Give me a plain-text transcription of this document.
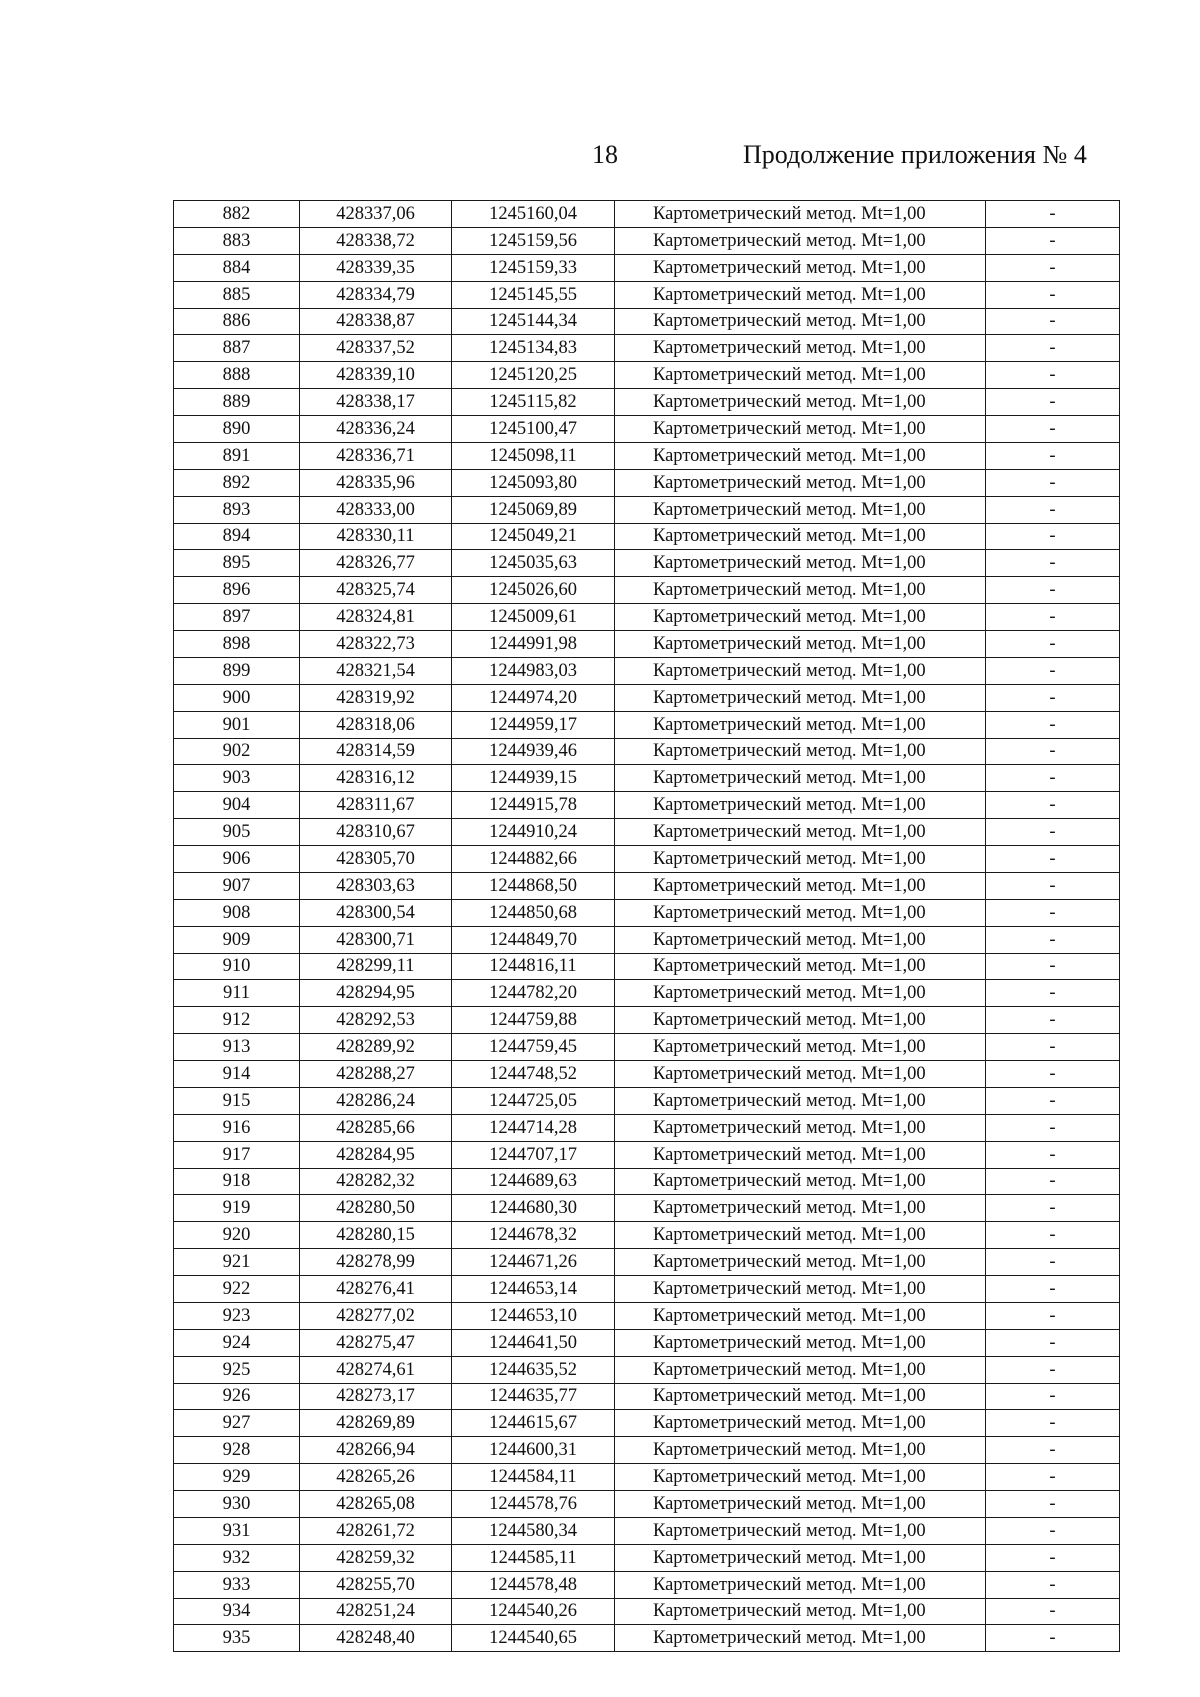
18	Продолжение приложения № 4
882	428337,06	1245160,04	Картометрический метод. Mt=1,00	-
883	428338,72	1245159,56	Картометрический метод. Mt=1,00	-
884	428339,35	1245159,33	Картометрический метод. Mt=1,00	-
885	428334,79	1245145,55	Картометрический метод. Mt=1,00	-
886	428338,87	1245144,34	Картометрический метод. Mt=1,00	-
887	428337,52	1245134,83	Картометрический метод. Mt=1,00	-
888	428339,10	1245120,25	Картометрический метод. Mt=1,00	-
889	428338,17	1245115,82	Картометрический метод. Mt=1,00	-
890	428336,24	1245100,47	Картометрический метод. Mt=1,00	-
891	428336,71	1245098,11	Картометрический метод. Mt=1,00	-
892	428335,96	1245093,80	Картометрический метод. Mt=1,00	-
893	428333,00	1245069,89	Картометрический метод. Mt=1,00	-
894	428330,11	1245049,21	Картометрический метод. Mt=1,00	-
895	428326,77	1245035,63	Картометрический метод. Mt=1,00	-
896	428325,74	1245026,60	Картометрический метод. Mt=1,00	-
897	428324,81	1245009,61	Картометрический метод. Mt=1,00	-
898	428322,73	1244991,98	Картометрический метод. Mt=1,00	-
899	428321,54	1244983,03	Картометрический метод. Mt=1,00	-
900	428319,92	1244974,20	Картометрический метод. Mt=1,00	-
901	428318,06	1244959,17	Картометрический метод. Mt=1,00	-
902	428314,59	1244939,46	Картометрический метод. Mt=1,00	-
903	428316,12	1244939,15	Картометрический метод. Mt=1,00	-
904	428311,67	1244915,78	Картометрический метод. Mt=1,00	-
905	428310,67	1244910,24	Картометрический метод. Mt=1,00	-
906	428305,70	1244882,66	Картометрический метод. Mt=1,00	-
907	428303,63	1244868,50	Картометрический метод. Mt=1,00	-
908	428300,54	1244850,68	Картометрический метод. Mt=1,00	-
909	428300,71	1244849,70	Картометрический метод. Mt=1,00	-
910	428299,11	1244816,11	Картометрический метод. Mt=1,00	-
911	428294,95	1244782,20	Картометрический метод. Mt=1,00	-
912	428292,53	1244759,88	Картометрический метод. Mt=1,00	-
913	428289,92	1244759,45	Картометрический метод. Mt=1,00	-
914	428288,27	1244748,52	Картометрический метод. Mt=1,00	-
915	428286,24	1244725,05	Картометрический метод. Mt=1,00	-
916	428285,66	1244714,28	Картометрический метод. Mt=1,00	-
917	428284,95	1244707,17	Картометрический метод. Mt=1,00	-
918	428282,32	1244689,63	Картометрический метод. Mt=1,00	-
919	428280,50	1244680,30	Картометрический метод. Mt=1,00	-
920	428280,15	1244678,32	Картометрический метод. Mt=1,00	-
921	428278,99	1244671,26	Картометрический метод. Mt=1,00	-
922	428276,41	1244653,14	Картометрический метод. Mt=1,00	-
923	428277,02	1244653,10	Картометрический метод. Mt=1,00	-
924	428275,47	1244641,50	Картометрический метод. Mt=1,00	-
925	428274,61	1244635,52	Картометрический метод. Mt=1,00	-
926	428273,17	1244635,77	Картометрический метод. Mt=1,00	-
927	428269,89	1244615,67	Картометрический метод. Mt=1,00	-
928	428266,94	1244600,31	Картометрический метод. Mt=1,00	-
929	428265,26	1244584,11	Картометрический метод. Mt=1,00	-
930	428265,08	1244578,76	Картометрический метод. Mt=1,00	-
931	428261,72	1244580,34	Картометрический метод. Mt=1,00	-
932	428259,32	1244585,11	Картометрический метод. Mt=1,00	-
933	428255,70	1244578,48	Картометрический метод. Mt=1,00	-
934	428251,24	1244540,26	Картометрический метод. Mt=1,00	-
935	428248,40	1244540,65	Картометрический метод. Mt=1,00	-
